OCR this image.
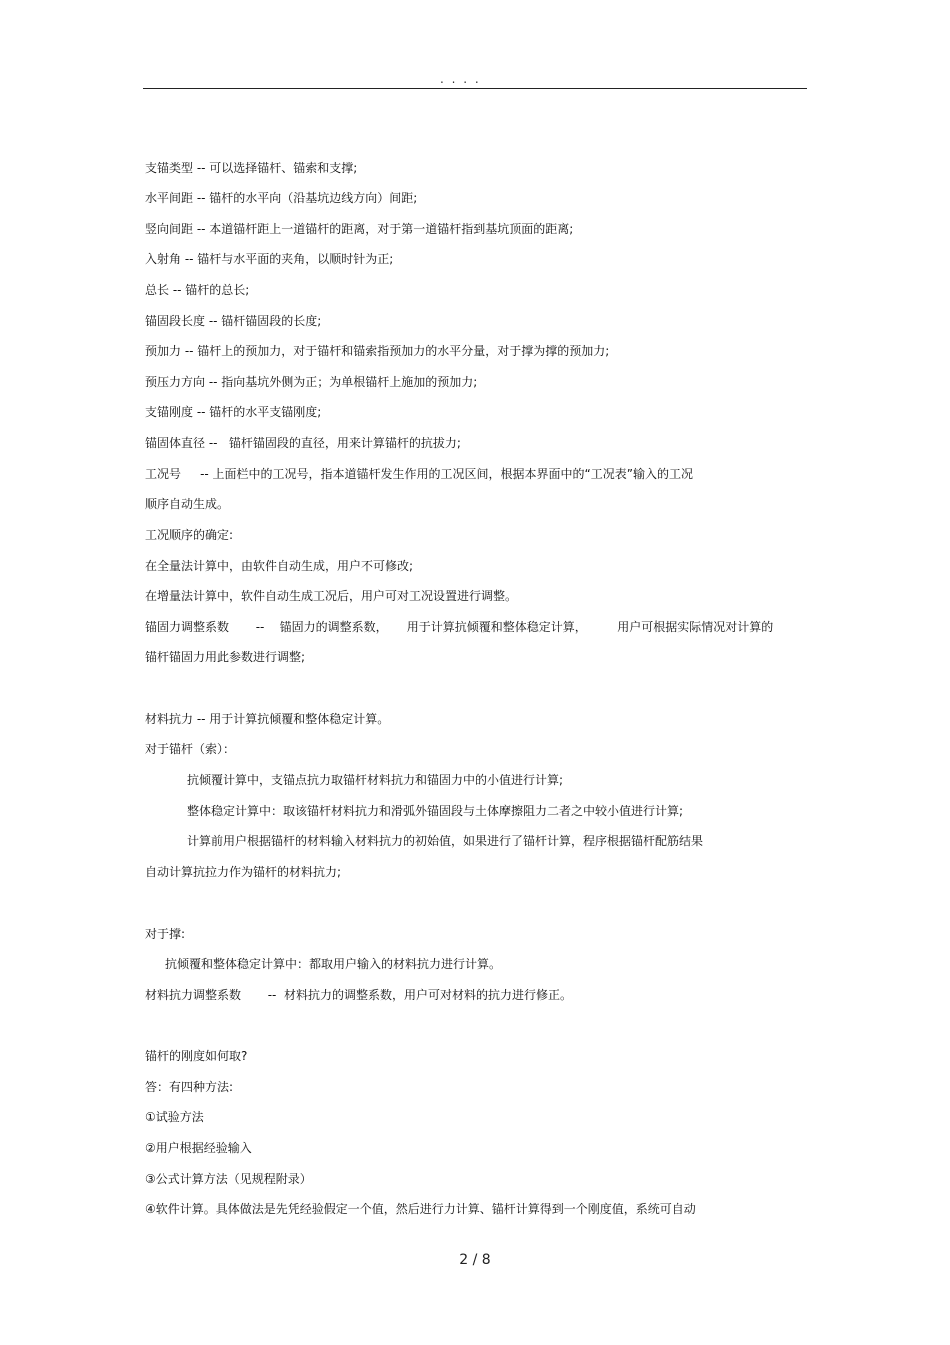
. . . .
支锚类型 -- 可以选择锚杆、锚索和支撑;
水平间距 -- 锚杆的水平向（沿基坑边线方向）间距;
竖向间距 -- 本道锚杆距上一道锚杆的距离，对于第一道锚杆指到基坑顶面的距离;
入射角 -- 锚杆与水平面的夹角，以顺时针为正;
总长 -- 锚杆的总长;
锚固段长度 -- 锚杆锚固段的长度;
预加力 -- 锚杆上的预加力，对于锚杆和锚索指预加力的水平分量，对于撑为撑的预加力;
预压力方向 -- 指向基坑外侧为正；为单根锚杆上施加的预加力;
支锚刚度 -- 锚杆的水平支锚刚度;
锚固体直径 --   锚杆锚固段的直径，用来计算锚杆的抗拔力;
工况号     -- 上面栏中的工况号，指本道锚杆发生作用的工况区间，根据本界面中的“工况表”输入的工况
顺序自动生成。
工况顺序的确定:
在全量法计算中，由软件自动生成，用户不可修改;
在增量法计算中，软件自动生成工况后，用户可对工况设置进行调整。
锚固力调整系数       --    锚固力的调整系数，     用于计算抗倾覆和整体稳定计算，        用户可根据实际情况对计算的
锚杆锚固力用此参数进行调整;
材料抗力 -- 用于计算抗倾覆和整体稳定计算。
对于锚杆（索）：
抗倾覆计算中，支锚点抗力取锚杆材料抗力和锚固力中的小值进行计算;
整体稳定计算中：取该锚杆材料抗力和滑弧外锚固段与土体摩擦阻力二者之中较小值进行计算;
计算前用户根据锚杆的材料输入材料抗力的初始值，如果进行了锚杆计算，程序根据锚杆配筋结果
自动计算抗拉力作为锚杆的材料抗力;
对于撑:
抗倾覆和整体稳定计算中：都取用户输入的材料抗力进行计算。
材料抗力调整系数       --  材料抗力的调整系数，用户可对材料的抗力进行修正。
锚杆的刚度如何取?
答：有四种方法:
①试验方法
②用户根据经验输入
③公式计算方法（见规程附录）
④软件计算。具体做法是先凭经验假定一个值，然后进行力计算、锚杆计算得到一个刚度值，系统可自动
2 / 8
